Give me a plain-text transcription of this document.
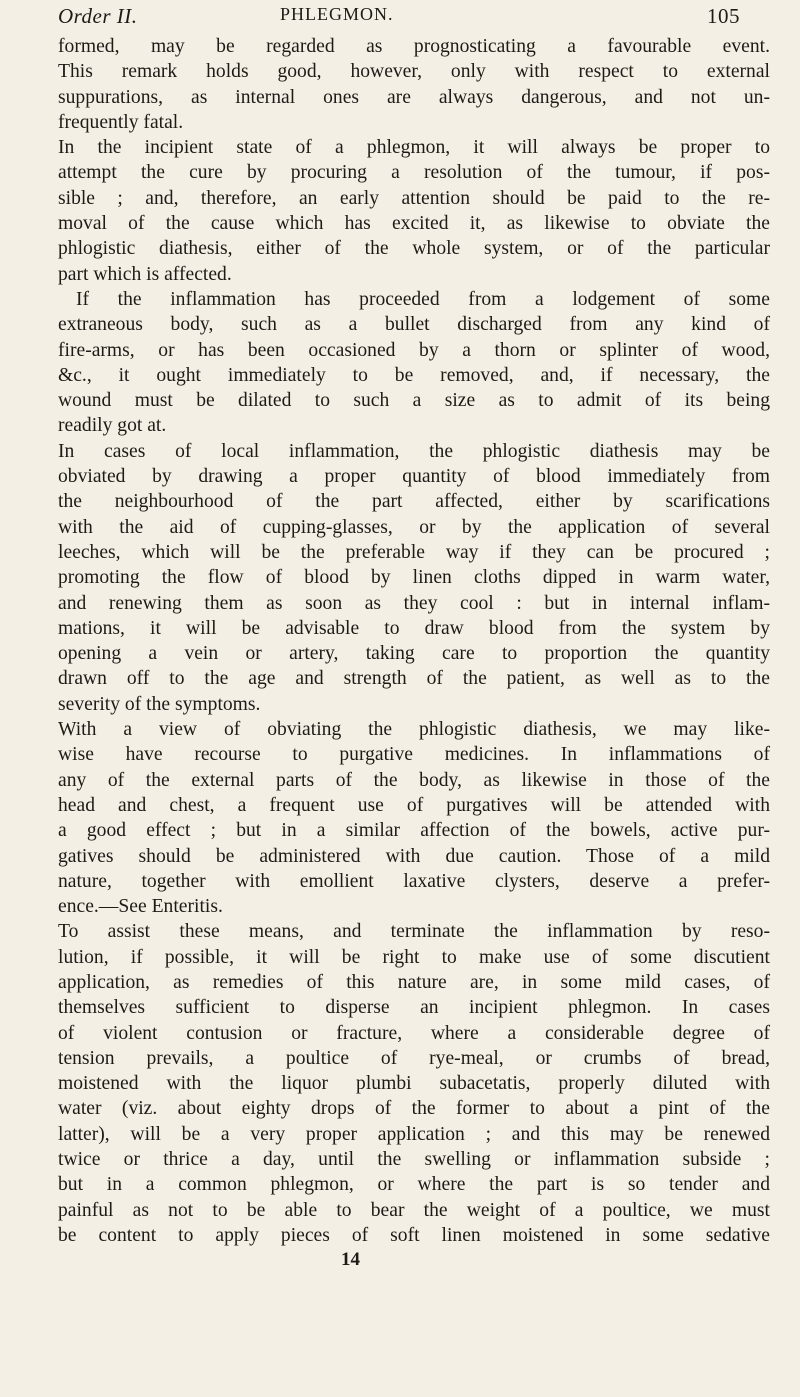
Order II.	PHLEGMON.	105
formed, may be regarded as prognosticating a favourable event.
This remark holds good, however, only with respect to external
suppurations, as internal ones are always dangerous, and not un-
frequently fatal.
In the incipient state of a phlegmon, it will always be proper to
attempt the cure by procuring a resolution of the tumour, if pos-
sible ; and, therefore, an early attention should be paid to the re-
moval of the cause which has excited it, as likewise to obviate the
phlogistic diathesis, either of the whole system, or of the particular
part which is affected.
If the inflammation has proceeded from a lodgement of some
extraneous body, such as a bullet discharged from any kind of
fire-arms, or has been occasioned by a thorn or splinter of wood,
&c., it ought immediately to be removed, and, if necessary, the
wound must be dilated to such a size as to admit of its being
readily got at.
In cases of local inflammation, the phlogistic diathesis may be
obviated by drawing a proper quantity of blood immediately from
the neighbourhood of the part affected, either by scarifications
with the aid of cupping-glasses, or by the application of several
leeches, which will be the preferable way if they can be procured ;
promoting the flow of blood by linen cloths dipped in warm water,
and renewing them as soon as they cool : but in internal inflam-
mations, it will be advisable to draw blood from the system by
opening a vein or artery, taking care to proportion the quantity
drawn off to the age and strength of the patient, as well as to the
severity of the symptoms.
With a view of obviating the phlogistic diathesis, we may like-
wise have recourse to purgative medicines. In inflammations of
any of the external parts of the body, as likewise in those of the
head and chest, a frequent use of purgatives will be attended with
a good effect ; but in a similar affection of the bowels, active pur-
gatives should be administered with due caution. Those of a mild
nature, together with emollient laxative clysters, deserve a prefer-
ence.—See Enteritis.
To assist these means, and terminate the inflammation by reso-
lution, if possible, it will be right to make use of some discutient
application, as remedies of this nature are, in some mild cases, of
themselves sufficient to disperse an incipient phlegmon. In cases
of violent contusion or fracture, where a considerable degree of
tension prevails, a poultice of rye-meal, or crumbs of bread,
moistened with the liquor plumbi subacetatis, properly diluted with
water (viz. about eighty drops of the former to about a pint of the
latter), will be a very proper application ; and this may be renewed
twice or thrice a day, until the swelling or inflammation subside ;
but in a common phlegmon, or where the part is so tender and
painful as not to be able to bear the weight of a poultice, we must
be content to apply pieces of soft linen moistened in some sedative
14
